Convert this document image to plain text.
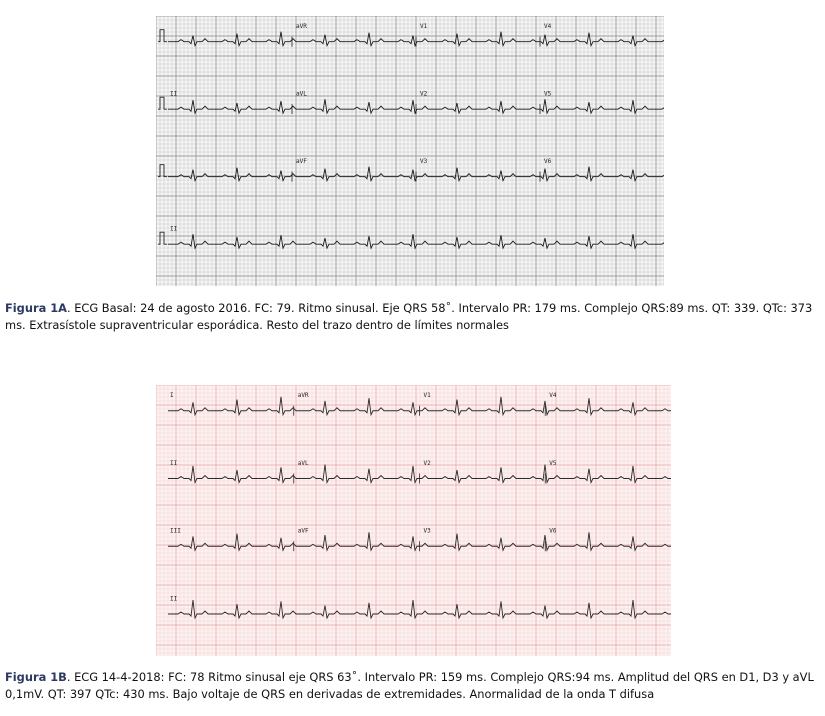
aVR	V1	V4
II	aVL	V2	V5
aVF	V3	V6
II
Figura 1A. ECG Basal: 24 de agosto 2016. FC: 79. Ritmo sinusal. Eje QRS 58˚. Intervalo PR: 179 ms. Complejo QRS:89 ms. QT: 339. QTc: 373 ms. Extrasístole supraventricular esporádica. Resto del trazo dentro de límites normales
I	aVR	V1	V4
II	aVL	V2	V5
III	aVF	V3	V6
II
Figura 1B. ECG 14-4-2018: FC: 78 Ritmo sinusal eje QRS 63˚. Intervalo PR: 159 ms. Complejo QRS:94 ms. Amplitud del QRS en D1, D3 y aVL 0,1mV. QT: 397 QTc: 430 ms. Bajo voltaje de QRS en derivadas de extremidades. Anormalidad de la onda T difusa
